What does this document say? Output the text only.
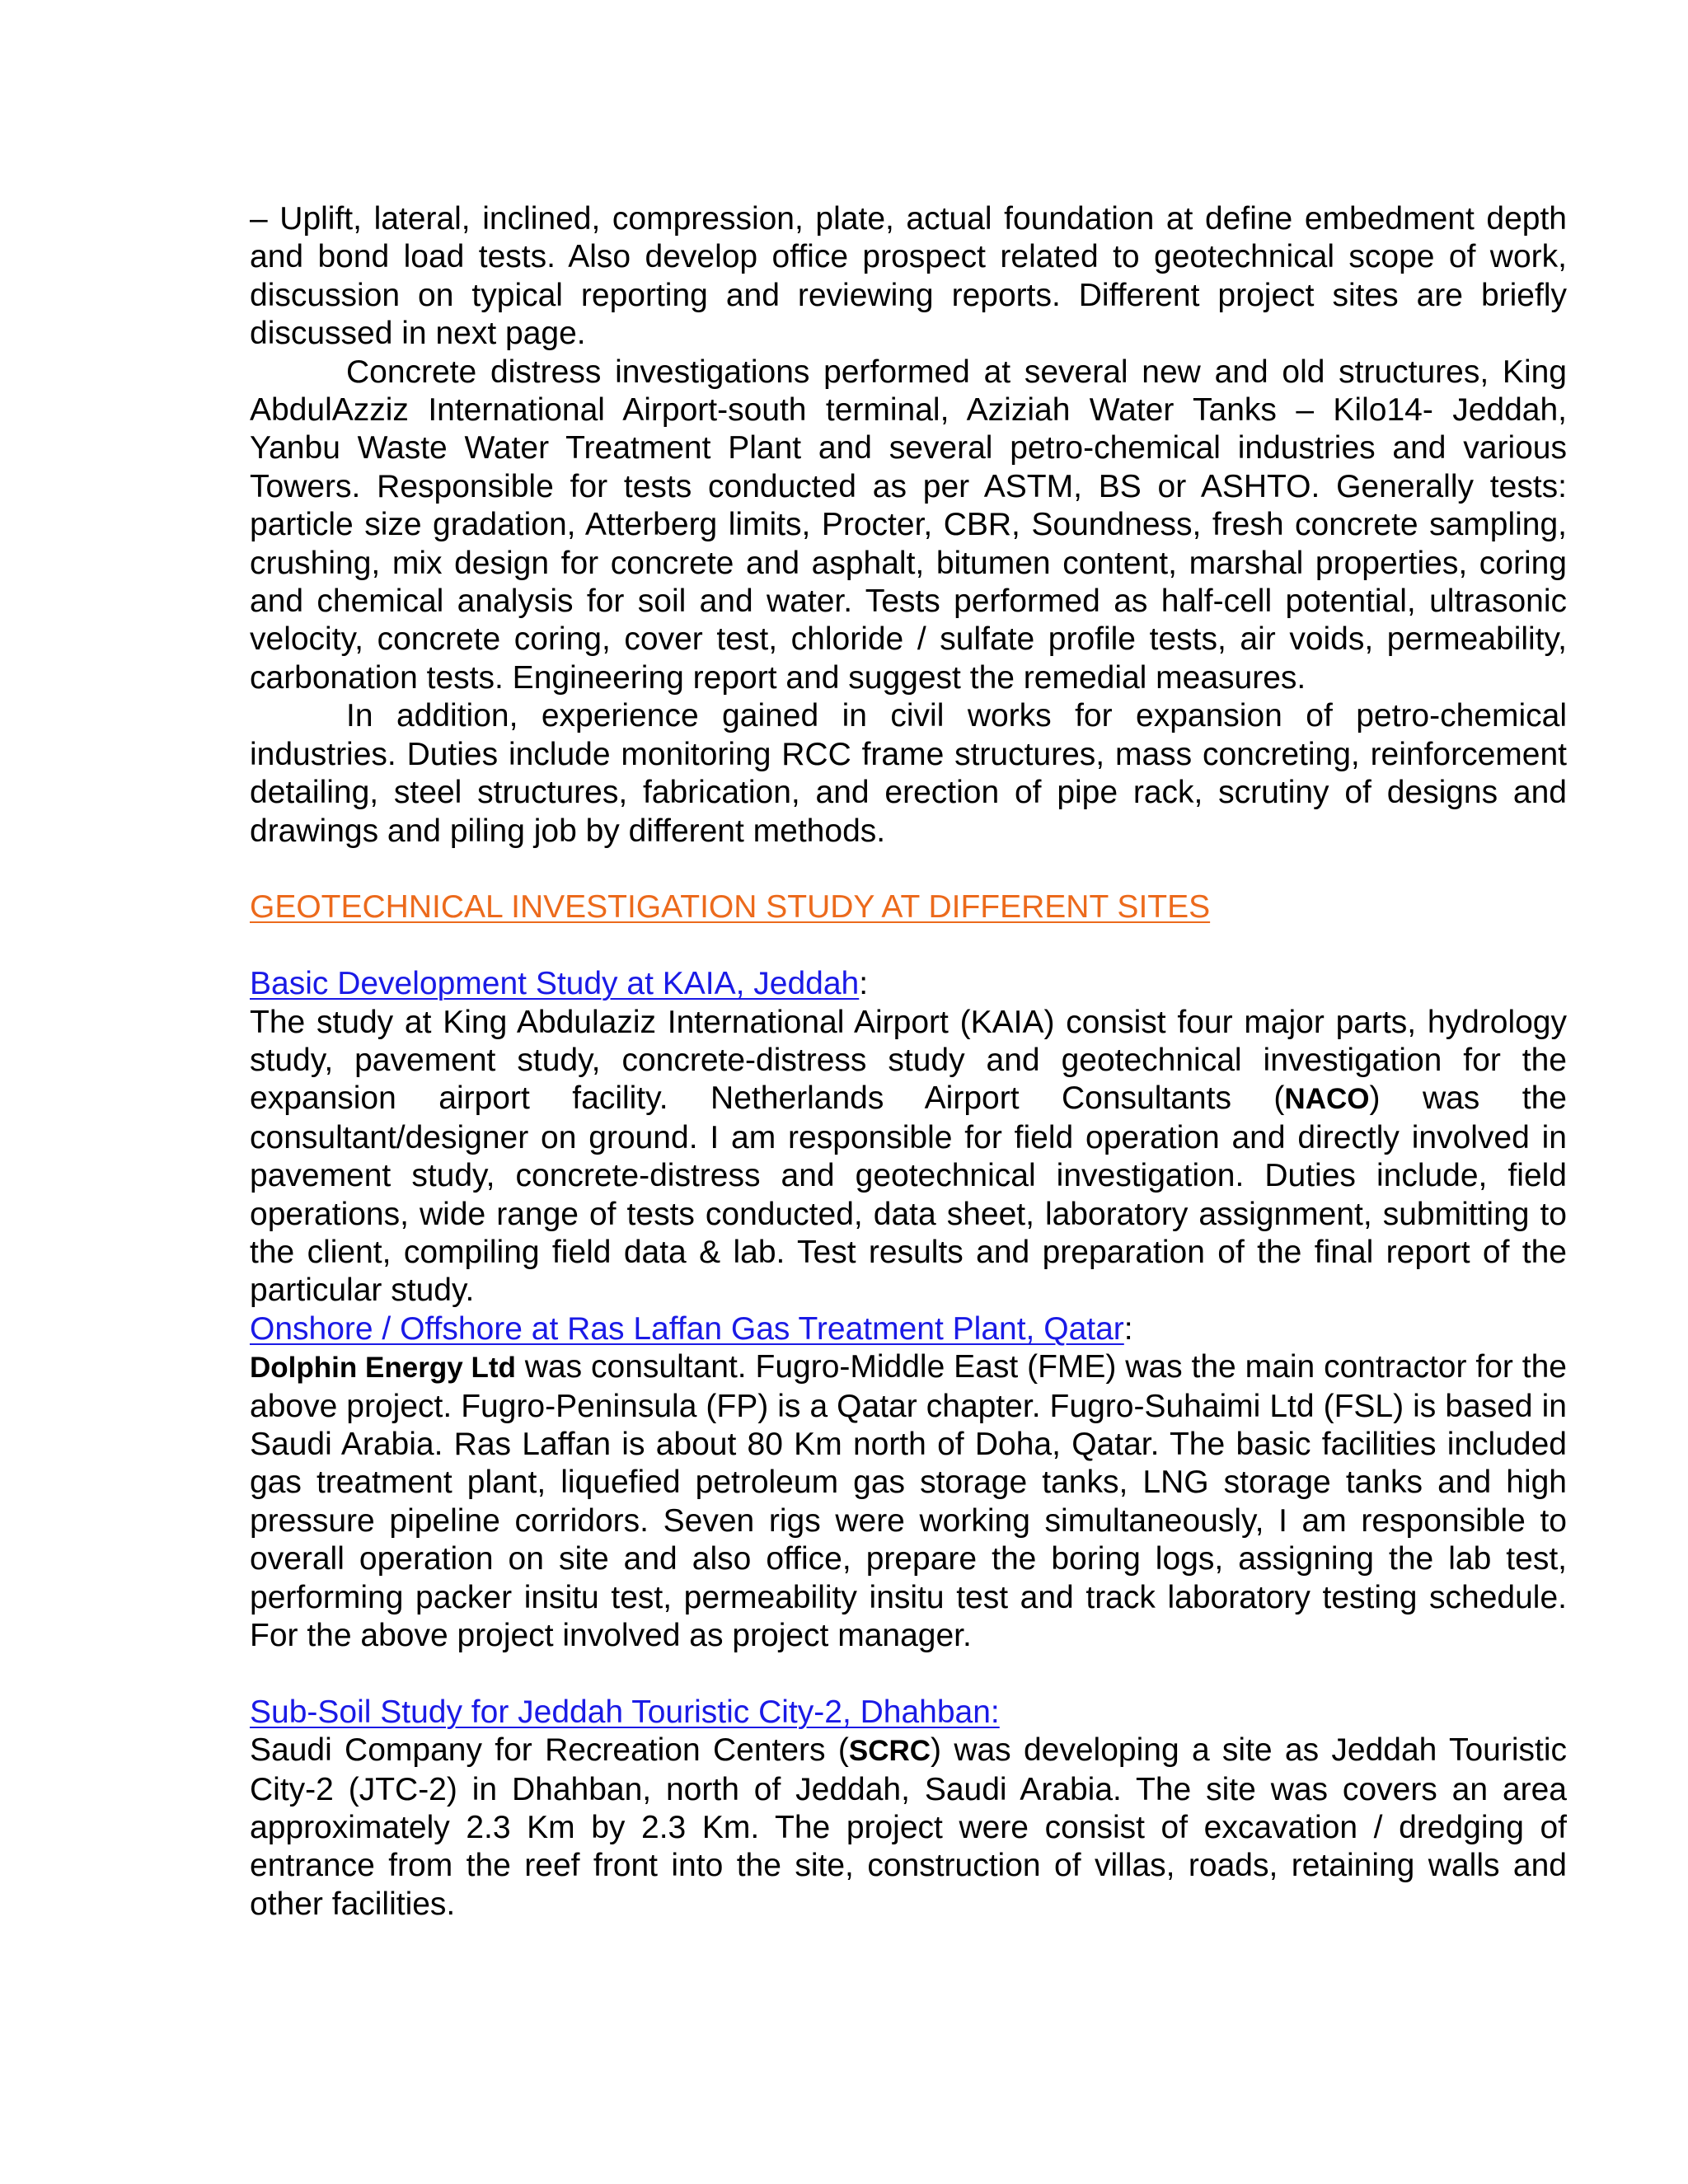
– Uplift, lateral, inclined, compression, plate, actual foundation at define embedment depth and bond load tests. Also develop office prospect related to geotechnical scope of work, discussion on typical reporting and reviewing reports. Different project sites are briefly discussed in next page.

Concrete distress investigations performed at several new and old structures, King AbdulAzziz International Airport-south terminal, Aziziah Water Tanks – Kilo14- Jeddah, Yanbu Waste Water Treatment Plant and several petro-chemical industries and various Towers. Responsible for tests conducted as per ASTM, BS or ASHTO. Generally tests: particle size gradation, Atterberg limits, Procter, CBR, Soundness, fresh concrete sampling, crushing, mix design for concrete and asphalt, bitumen content, marshal properties, coring and chemical analysis for soil and water. Tests performed as half-cell potential, ultrasonic velocity, concrete coring, cover test, chloride / sulfate profile tests, air voids, permeability, carbonation tests. Engineering report and suggest the remedial measures.

In addition, experience gained in civil works for expansion of petro-chemical industries. Duties include monitoring RCC frame structures, mass concreting, reinforcement detailing, steel structures, fabrication, and erection of pipe rack, scrutiny of designs and drawings and piling job by different methods.

GEOTECHNICAL INVESTIGATION STUDY AT DIFFERENT SITES

Basic Development Study at KAIA, Jeddah:

The study at King Abdulaziz International Airport (KAIA) consist four major parts, hydrology study, pavement study, concrete-distress study and geotechnical investigation for the expansion airport facility. Netherlands Airport Consultants (NACO) was the consultant/designer on ground. I am responsible for field operation and directly involved in pavement study, concrete-distress and geotechnical investigation. Duties include, field operations, wide range of tests conducted, data sheet, laboratory assignment, submitting to the client, compiling field data & lab. Test results and preparation of the final report of the particular study.

Onshore / Offshore at Ras Laffan Gas Treatment Plant, Qatar:

Dolphin Energy Ltd was consultant. Fugro-Middle East (FME) was the main contractor for the above project. Fugro-Peninsula (FP) is a Qatar chapter. Fugro-Suhaimi Ltd (FSL) is based in Saudi Arabia. Ras Laffan is about 80 Km north of Doha, Qatar. The basic facilities included gas treatment plant, liquefied petroleum gas storage tanks, LNG storage tanks and high pressure pipeline corridors. Seven rigs were working simultaneously, I am responsible to overall operation on site and also office, prepare the boring logs, assigning the lab test, performing packer insitu test, permeability insitu test and track laboratory testing schedule. For the above project involved as project manager.

Sub-Soil Study for Jeddah Touristic City-2, Dhahban:

Saudi Company for Recreation Centers (SCRC) was developing a site as Jeddah Touristic City-2 (JTC-2) in Dhahban, north of Jeddah, Saudi Arabia. The site was covers an area approximately 2.3 Km by 2.3 Km. The project were consist of excavation / dredging of entrance from the reef front into the site, construction of villas, roads, retaining walls and other facilities.
